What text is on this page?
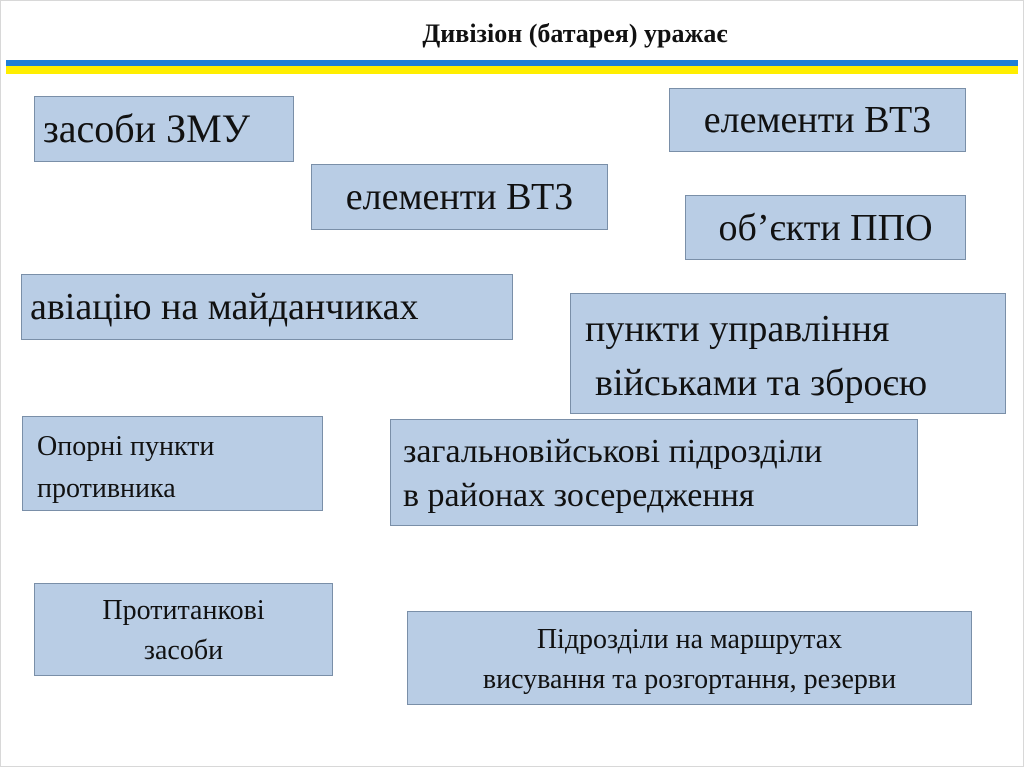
Дивізіон (батарея) уражає
засоби ЗМУ	елементи ВТЗ
елементи ВТЗ
об’єкти ППО
авіацію на майданчиках
пункти управління
військами та зброєю
Опорні пункти
противника
загальновійськові підрозділи
в районах зосередження
Протитанкові
засоби	Підрозділи на маршрутах
висування та розгортання, резерви
